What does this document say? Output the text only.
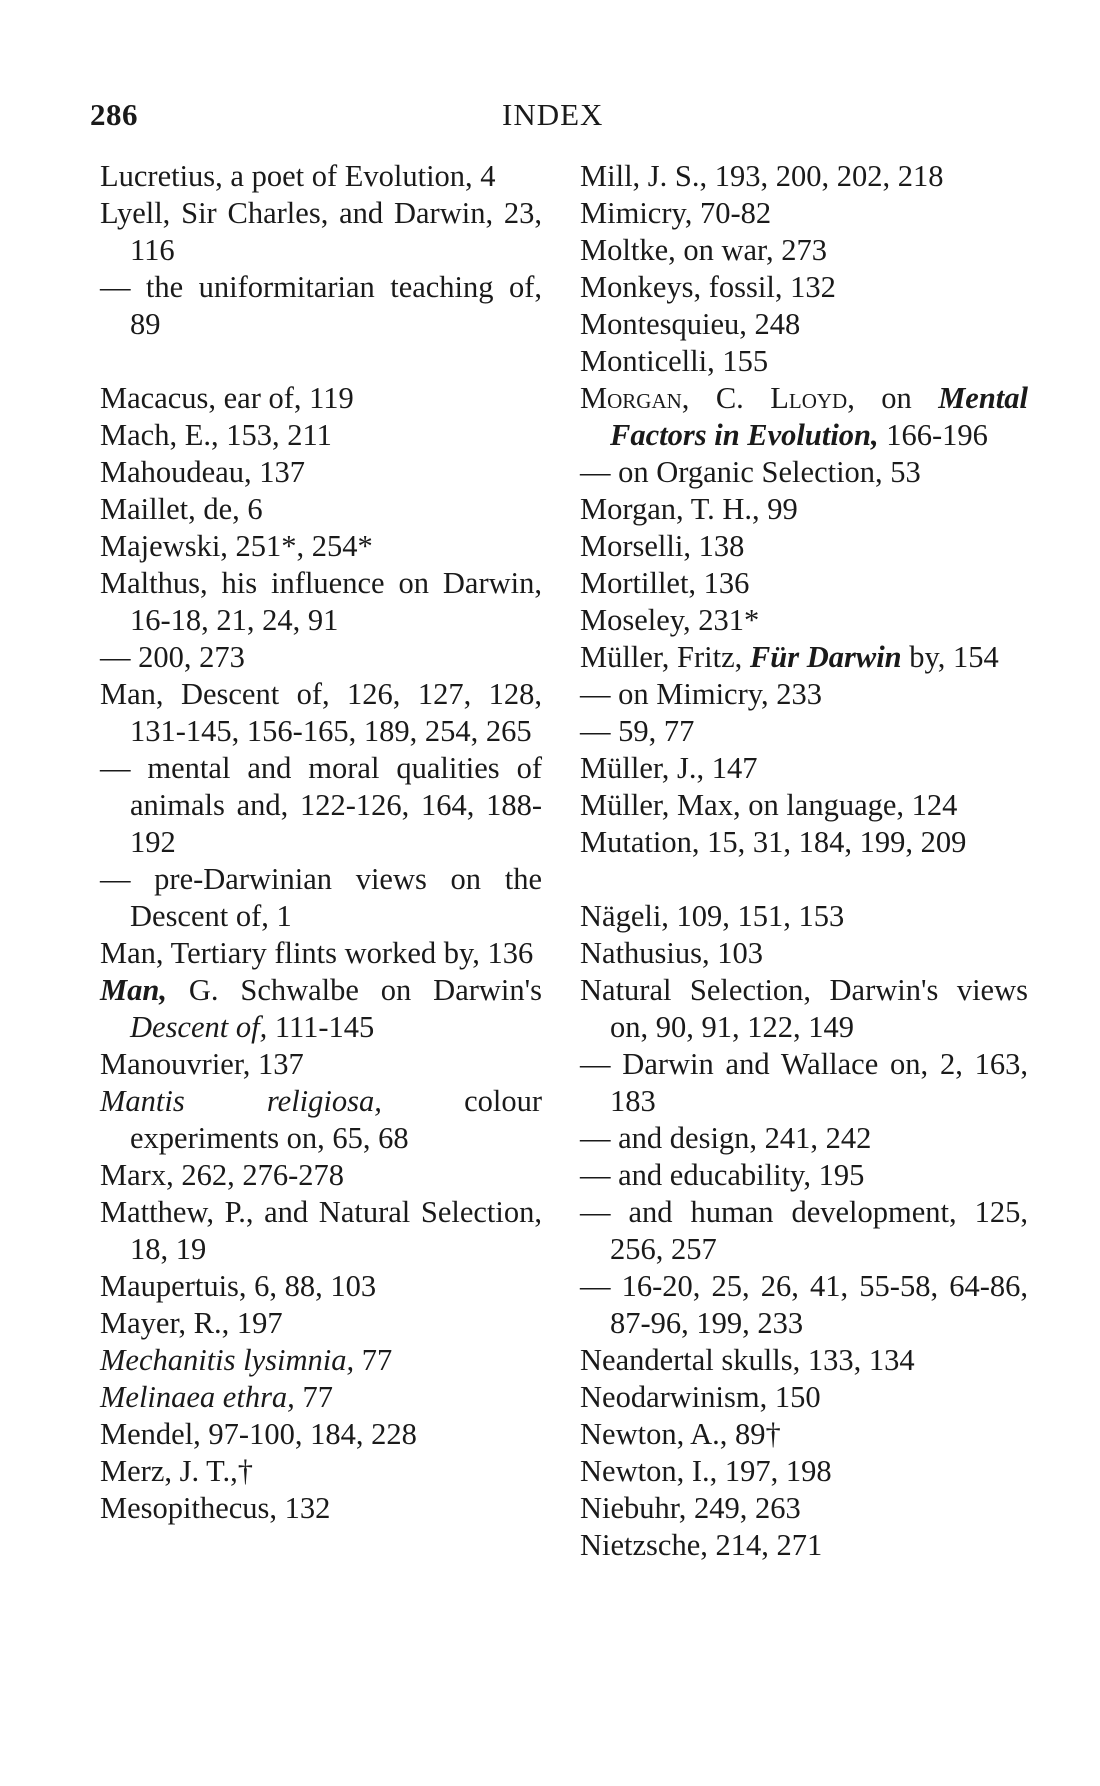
286	INDEX
Lucretius, a poet of Evolution, 4
Lyell, Sir Charles, and Darwin, 23, 116
— the uniformitarian teaching of, 89
Macacus, ear of, 119
Mach, E., 153, 211
Mahoudeau, 137
Maillet, de, 6
Majewski, 251*, 254*
Malthus, his influence on Darwin, 16-18, 21, 24, 91
— 200, 273
Man, Descent of, 126, 127, 128, 131-145, 156-165, 189, 254, 265
— mental and moral qualities of animals and, 122-126, 164, 188-192
— pre-Darwinian views on the Descent of, 1
Man, Tertiary flints worked by, 136
Man, G. Schwalbe on Darwin's Descent of, 111-145
Manouvrier, 137
Mantis religiosa, colour experiments on, 65, 68
Marx, 262, 276-278
Matthew, P., and Natural Selection, 18, 19
Maupertuis, 6, 88, 103
Mayer, R., 197
Mechanitis lysimnia, 77
Melinaea ethra, 77
Mendel, 97-100, 184, 228
Merz, J. T.,†
Mesopithecus, 132
Mill, J. S., 193, 200, 202, 218
Mimicry, 70-82
Moltke, on war, 273
Monkeys, fossil, 132
Montesquieu, 248
Monticelli, 155
Morgan, C. Lloyd, on Mental Factors in Evolution, 166-196
— on Organic Selection, 53
Morgan, T. H., 99
Morselli, 138
Mortillet, 136
Moseley, 231*
Müller, Fritz, Für Darwin by, 154
— on Mimicry, 233
— 59, 77
Müller, J., 147
Müller, Max, on language, 124
Mutation, 15, 31, 184, 199, 209
Nägeli, 109, 151, 153
Nathusius, 103
Natural Selection, Darwin's views on, 90, 91, 122, 149
— Darwin and Wallace on, 2, 163, 183
— and design, 241, 242
— and educability, 195
— and human development, 125, 256, 257
— 16-20, 25, 26, 41, 55-58, 64-86, 87-96, 199, 233
Neandertal skulls, 133, 134
Neodarwinism, 150
Newton, A., 89†
Newton, I., 197, 198
Niebuhr, 249, 263
Nietzsche, 214, 271
